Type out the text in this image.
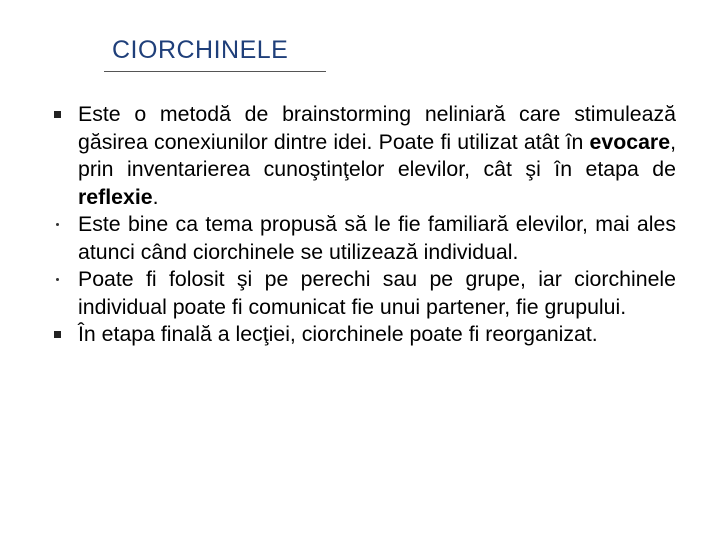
CIORCHINELE
Este o metodă de brainstorming neliniară care stimulează găsirea conexiunilor dintre idei. Poate fi utilizat atât în evocare, prin inventarierea cunoştinţelor elevilor, cât şi în etapa de reflexie.
Este bine ca tema propusă să le fie familiară elevilor, mai ales atunci când ciorchinele se utilizează individual.
Poate fi folosit şi pe perechi sau pe grupe, iar ciorchinele individual poate fi comunicat fie unui partener, fie grupului.
În etapa finală a lecţiei, ciorchinele poate fi reorganizat.
